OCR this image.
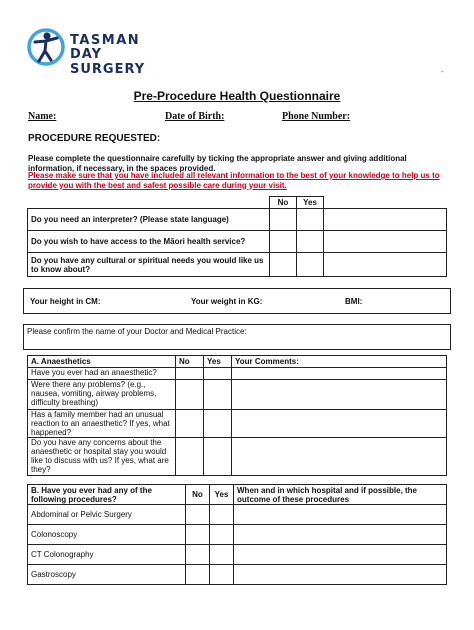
TASMAN
DAY SURGERY	-
Pre-Procedure Health Questionnaire
Name:	Date of Birth:	Phone Number:
PROCEDURE REQUESTED:
Please complete the questionnaire carefully by ticking the appropriate answer and giving additional information, if necessary, in the spaces provided.
Please make sure that you have included all relevant information to the best of your knowledge to help us to provide you with the best and safest possible care during your visit.
	No	Yes	
Do you need an interpreter? (Please state language)			
Do you wish to have access to the Māori health service?			
Do you have any cultural or spiritual needs you would like us to know about?			
Your height in CM:	Your weight in KG:	BMI:
Please confirm the name of your Doctor and Medical Practice:
A. Anaesthetics	No	Yes	Your Comments:
Have you ever had an anaesthetic?			
Were there any problems? (e.g., nausea, vomiting, airway problems, difficulty breathing)			
Has a family member had an unusual reaction to an anaesthetic? If yes, what happened?			
Do you have any concerns about the anaesthetic or hospital stay you would like to discuss with us? If yes, what are they?			
B. Have you ever had any of the following procedures?	No	Yes	When and in which hospital and if possible, the outcome of these procedures
Abdominal or Pelvic Surgery			
Colonoscopy			
CT Colonography			
Gastroscopy			
